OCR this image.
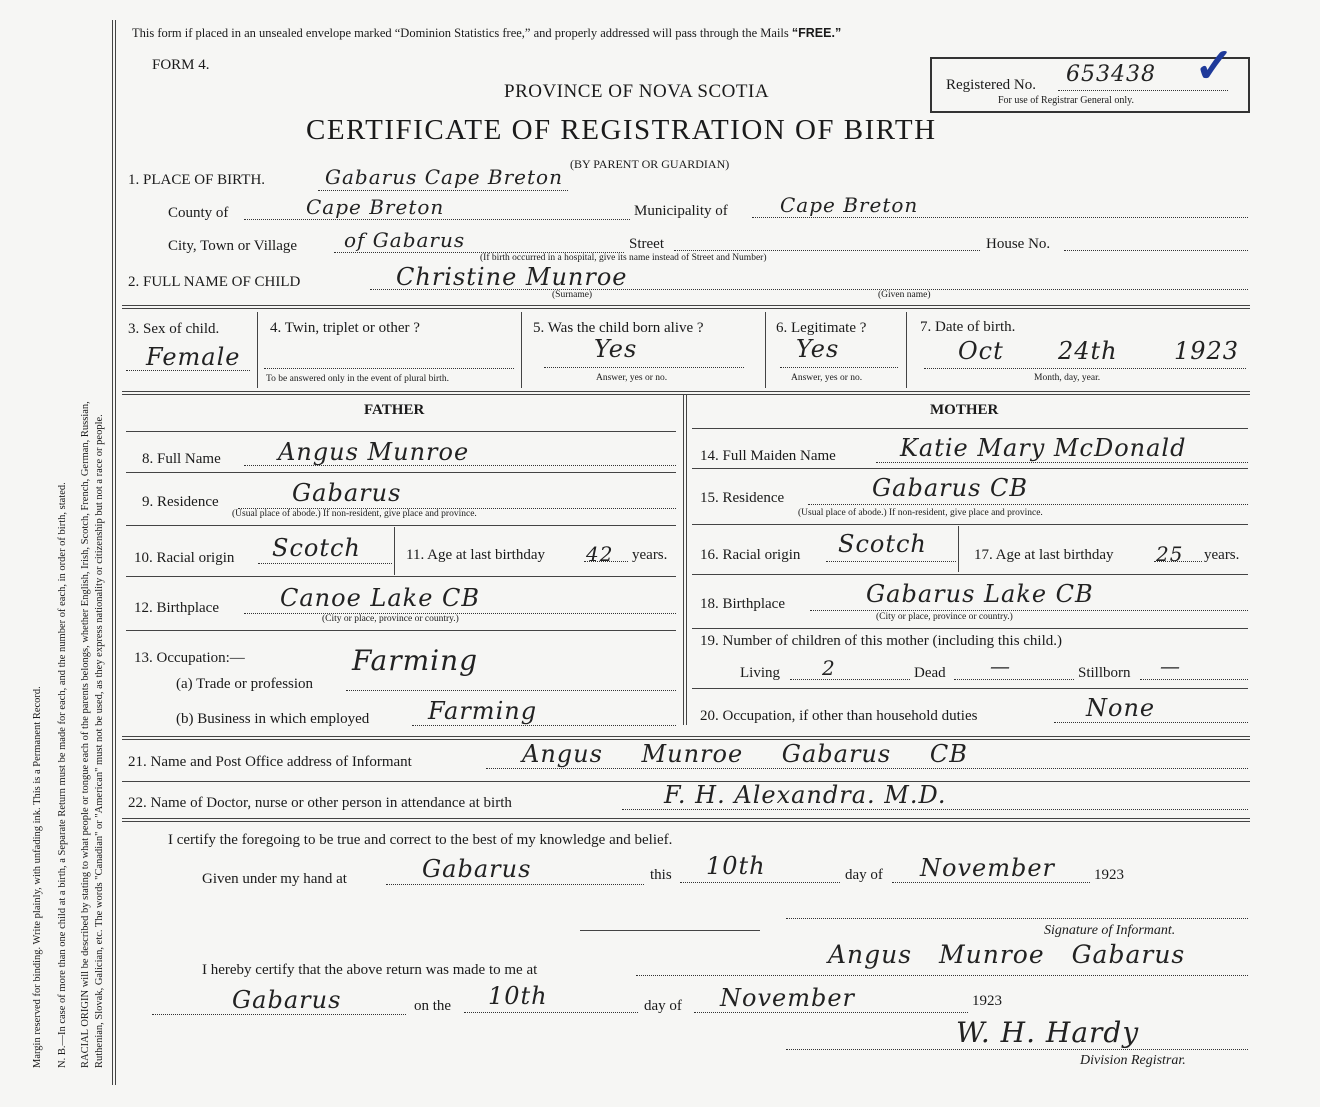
Margin reserved for binding. Write plainly, with unfading ink. This is a Permanent Record. N. B.—In case of more than one child at a birth, a Separate Return must be made for each, and the number of each, in order of birth, stated. RACIAL ORIGIN will be described by stating to what people or tongue each of the parents belongs, whether English, Irish, Scotch, French, German, Russian, Ruthenian, Slovak, Galician, etc. The words "Canadian" or "American" must not be used, as they express nationality or citizenship but not a race or people.
This form if placed in an unsealed envelope marked “Dominion Statistics free,” and properly addressed will pass through the Mails “FREE.”
FORM 4.
PROVINCE OF NOVA SCOTIA
CERTIFICATE OF REGISTRATION OF BIRTH
(BY PARENT OR GUARDIAN)
Registered No. 653438 ✓
For use of Registrar General only.
1. PLACE OF BIRTH.	Gabarus Cape Breton
County of	Cape Breton	Municipality of	Cape Breton
City, Town or Village of Gabarus	Street	House No.
(If birth occurred in a hospital, give its name instead of Street and Number)
2. FULL NAME OF CHILD	Christine Munroe
(Surname)	(Given name)
3. Sex of child.
Female
4. Twin, triplet or other ?
To be answered only in the event of plural birth.
5. Was the child born alive ?
Yes
Answer, yes or no.
6. Legitimate ?
Yes
Answer, yes or no.
7. Date of birth.
Oct 24th 1923
Month, day, year.
FATHER
8. Full Name Angus Munroe
9. Residence	Gabarus
(Usual place of abode.) If non-resident, give place and province.
10. Racial origin Scotch	11. Age at last birthday 42 years.
12. Birthplace	Canoe Lake CB
(City or place, province or country.)
13. Occupation:—
(a) Trade or profession
Farming
(b) Business in which employed Farming
MOTHER
14. Full Maiden Name	Katie Mary McDonald
15. Residence	Gabarus CB
(Usual place of abode.) If non-resident, give place and province.
16. Racial origin Scotch	17. Age at last birthday 25 years.
18. Birthplace	Gabarus Lake CB
(City or place, province or country.)
19. Number of children of this mother (including this child.)
Living 2	Dead —	Stillborn —
20. Occupation, if other than household duties	None
21. Name and Post Office address of Informant	Angus Munroe Gabarus CB
22. Name of Doctor, nurse or other person in attendance at birth	F. H. Alexandra. M.D.
I certify the foregoing to be true and correct to the best of my knowledge and belief.
Given under my hand at	Gabarus	this 10th	day of November	1923
Signature of Informant.
I hereby certify that the above return was made to me at
Angus Munroe Gabarus
Gabarus	on the 10th	day of November	1923
W. H. Hardy
Division Registrar.
